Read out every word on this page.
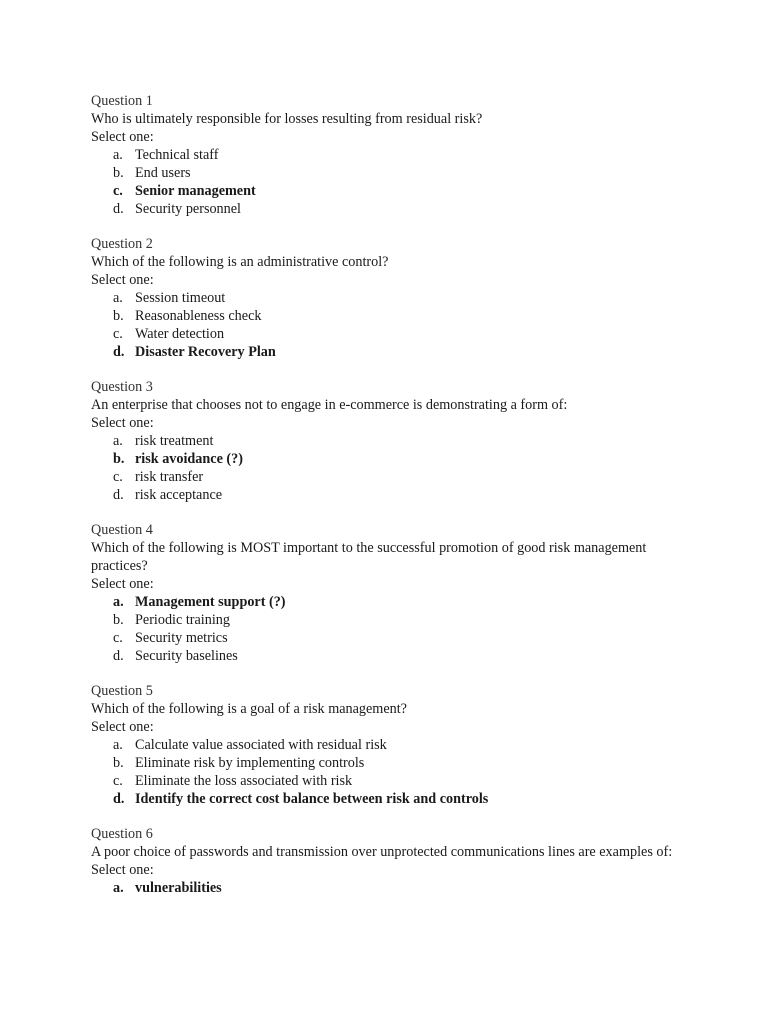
Question 1
Who is ultimately responsible for losses resulting from residual risk?
Select one:
a. Technical staff
b. End users
c. Senior management
d. Security personnel
Question 2
Which of the following is an administrative control?
Select one:
a. Session timeout
b. Reasonableness check
c. Water detection
d. Disaster Recovery Plan
Question 3
An enterprise that chooses not to engage in e-commerce is demonstrating a form of:
Select one:
a. risk treatment
b. risk avoidance (?)
c. risk transfer
d. risk acceptance
Question 4
Which of the following is MOST important to the successful promotion of good risk management practices?
Select one:
a. Management support (?)
b. Periodic training
c. Security metrics
d. Security baselines
Question 5
Which of the following is a goal of a risk management?
Select one:
a. Calculate value associated with residual risk
b. Eliminate risk by implementing controls
c. Eliminate the loss associated with risk
d. Identify the correct cost balance between risk and controls
Question 6
A poor choice of passwords and transmission over unprotected communications lines are examples of:
Select one:
a. vulnerabilities
